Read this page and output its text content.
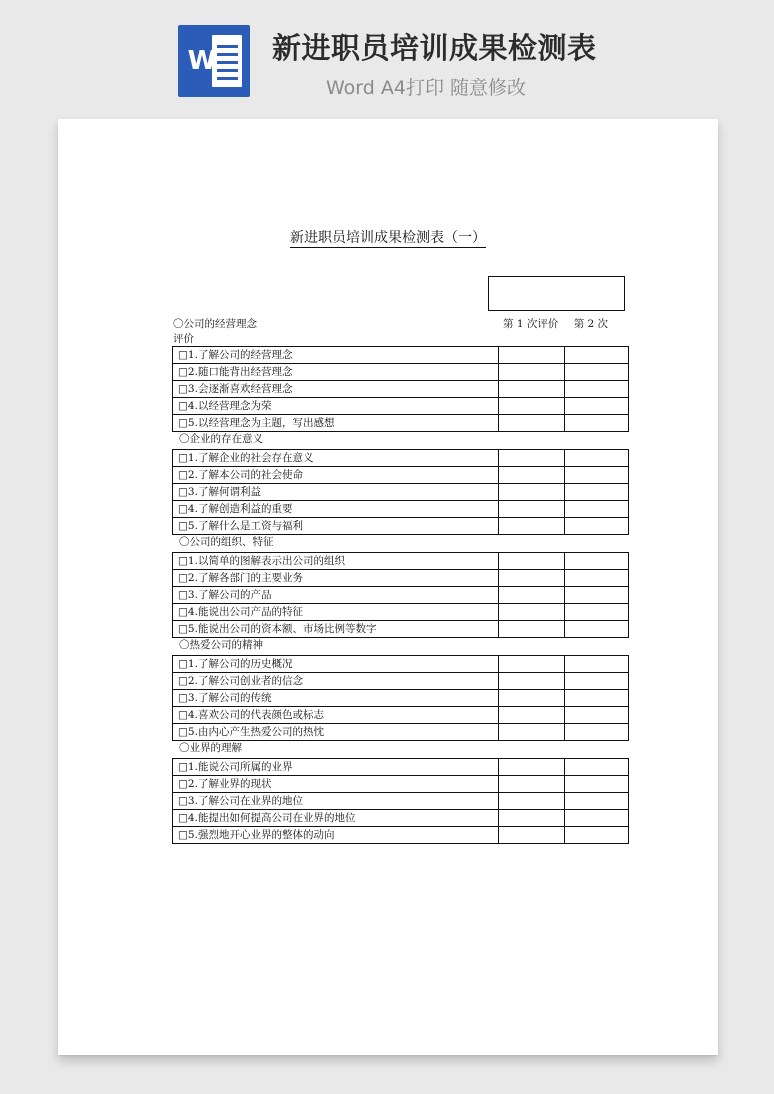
W 新进职员培训成果检测表
Word A4打印 随意修改
新进职员培训成果检测表（一）
〇公司的经营理念
评价
第 1 次评价 第 2 次
□1.了解公司的经营理念		
□2.随口能背出经营理念		
□3.会逐渐喜欢经营理念		
□4.以经营理念为荣		
□5.以经营理念为主题，写出感想		
〇企业的存在意义
□1.了解企业的社会存在意义		
□2.了解本公司的社会使命		
□3.了解何谓利益		
□4.了解创造利益的重要		
□5.了解什么是工资与福利		
〇公司的组织、特征
□1.以简单的图解表示出公司的组织		
□2.了解各部门的主要业务		
□3.了解公司的产品		
□4.能说出公司产品的特征		
□5.能说出公司的资本额、市场比例等数字		
〇热爱公司的精神
□1.了解公司的历史概况		
□2.了解公司创业者的信念		
□3.了解公司的传统		
□4.喜欢公司的代表颜色或标志		
□5.由内心产生热爱公司的热忱		
〇业界的理解
□1.能说公司所属的业界		
□2.了解业界的现状		
□3.了解公司在业界的地位		
□4.能提出如何提高公司在业界的地位		
□5.强烈地开心业界的整体的动向		
